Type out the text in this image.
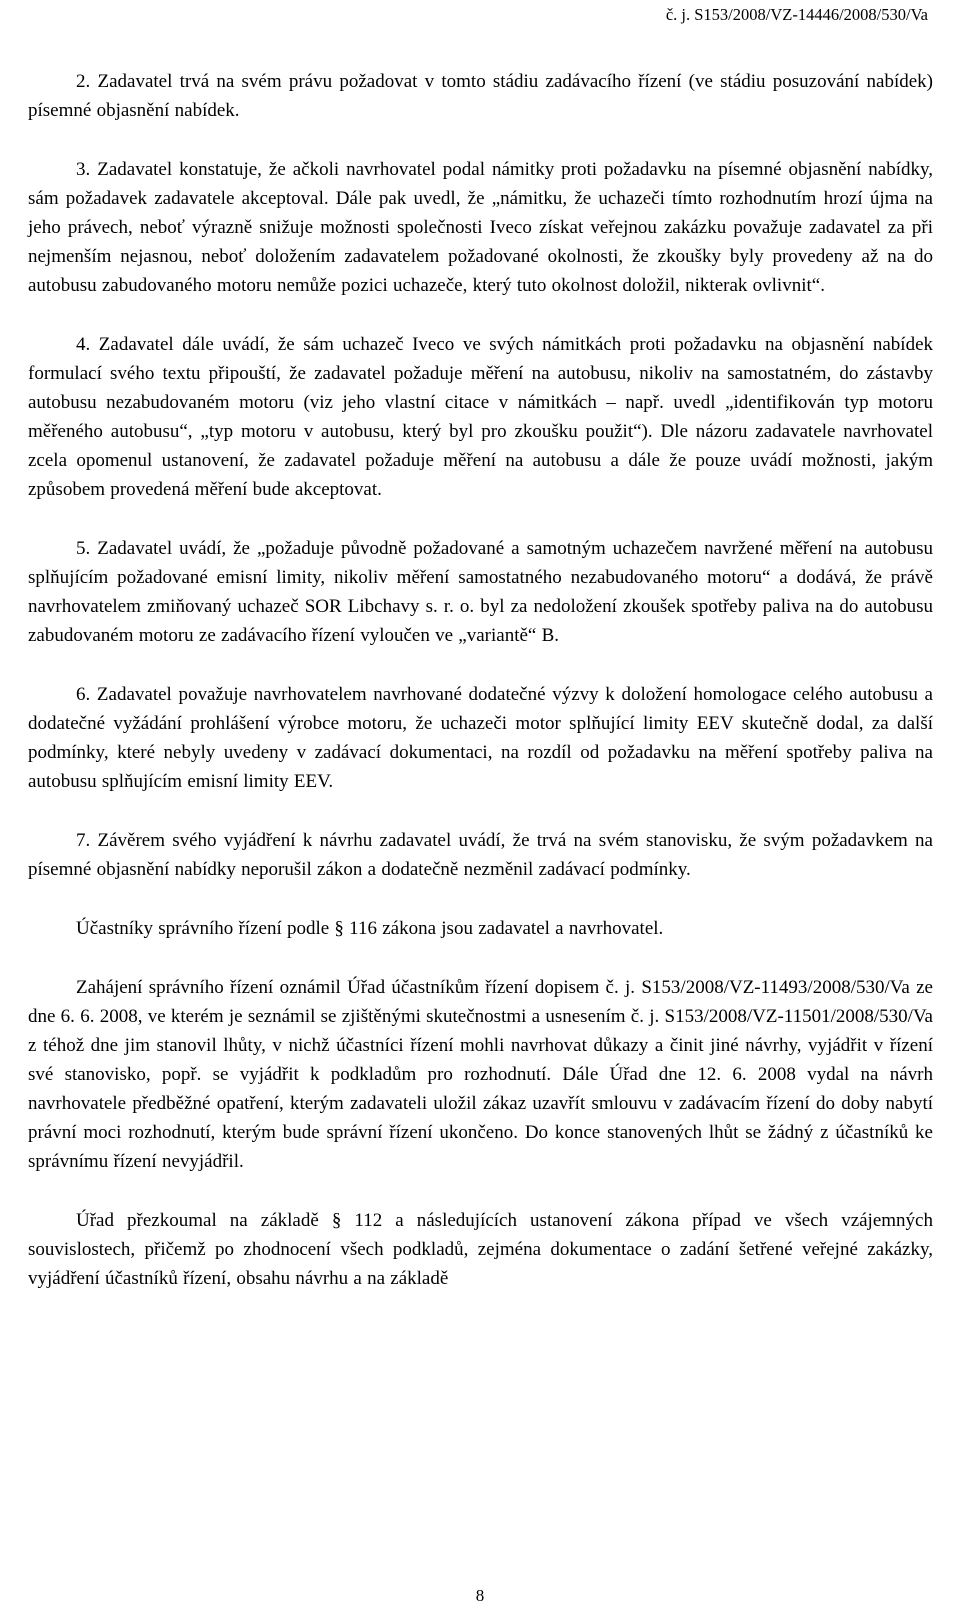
č. j. S153/2008/VZ-14446/2008/530/Va

2. Zadavatel trvá na svém právu požadovat v tomto stádiu zadávacího řízení (ve stádiu posuzování nabídek) písemné objasnění nabídek.

3. Zadavatel konstatuje, že ačkoli navrhovatel podal námitky proti požadavku na písemné objasnění nabídky, sám požadavek zadavatele akceptoval. Dále pak uvedl, že „námitku, že uchazeči tímto rozhodnutím hrozí újma na jeho právech, neboť výrazně snižuje možnosti společnosti Iveco získat veřejnou zakázku považuje zadavatel za při nejmenším nejasnou, neboť doložením zadavatelem požadované okolnosti, že zkoušky byly provedeny až na do autobusu zabudovaného motoru nemůže pozici uchazeče, který tuto okolnost doložil, nikterak ovlivnit“.

4. Zadavatel dále uvádí, že sám uchazeč Iveco ve svých námitkách proti požadavku na objasnění nabídek formulací svého textu připouští, že zadavatel požaduje měření na autobusu, nikoliv na samostatném, do zástavby autobusu nezabudovaném motoru (viz jeho vlastní citace v námitkách – např. uvedl „identifikován typ motoru měřeného autobusu“, „typ motoru v autobusu, který byl pro zkoušku použit“). Dle názoru zadavatele navrhovatel zcela opomenul ustanovení, že zadavatel požaduje měření na autobusu a dále že pouze uvádí možnosti, jakým způsobem provedená měření bude akceptovat.

5. Zadavatel uvádí, že „požaduje původně požadované a samotným uchazečem navržené měření na autobusu splňujícím požadované emisní limity, nikoliv měření samostatného nezabudovaného motoru“ a dodává, že právě navrhovatelem zmiňovaný uchazeč SOR Libchavy s. r. o. byl za nedoložení zkoušek spotřeby paliva na do autobusu zabudovaném motoru ze zadávacího řízení vyloučen ve „variantě“ B.

6. Zadavatel považuje navrhovatelem navrhované dodatečné výzvy k doložení homologace celého autobusu a dodatečné vyžádání prohlášení výrobce motoru, že uchazeči motor splňující limity EEV skutečně dodal, za další podmínky, které nebyly uvedeny v zadávací dokumentaci, na rozdíl od požadavku na měření spotřeby paliva na autobusu splňujícím emisní limity EEV.

7. Závěrem svého vyjádření k návrhu zadavatel uvádí, že trvá na svém stanovisku, že svým požadavkem na písemné objasnění nabídky neporušil zákon a dodatečně nezměnil zadávací podmínky.

Účastníky správního řízení podle § 116 zákona jsou zadavatel a navrhovatel.

Zahájení správního řízení oznámil Úřad účastníkům řízení dopisem č. j. S153/2008/VZ-11493/2008/530/Va ze dne 6. 6. 2008, ve kterém je seznámil se zjištěnými skutečnostmi a usnesením č. j. S153/2008/VZ-11501/2008/530/Va z téhož dne jim stanovil lhůty, v nichž účastníci řízení mohli navrhovat důkazy a činit jiné návrhy, vyjádřit v řízení své stanovisko, popř. se vyjádřit k podkladům pro rozhodnutí. Dále Úřad dne 12. 6. 2008 vydal na návrh navrhovatele předběžné opatření, kterým zadavateli uložil zákaz uzavřít smlouvu v zadávacím řízení do doby nabytí právní moci rozhodnutí, kterým bude správní řízení ukončeno. Do konce stanovených lhůt se žádný z účastníků ke správnímu řízení nevyjádřil.

Úřad přezkoumal na základě § 112 a následujících ustanovení zákona případ ve všech vzájemných souvislostech, přičemž po zhodnocení všech podkladů, zejména dokumentace o zadání šetřené veřejné zakázky, vyjádření účastníků řízení, obsahu návrhu a na základě

8
